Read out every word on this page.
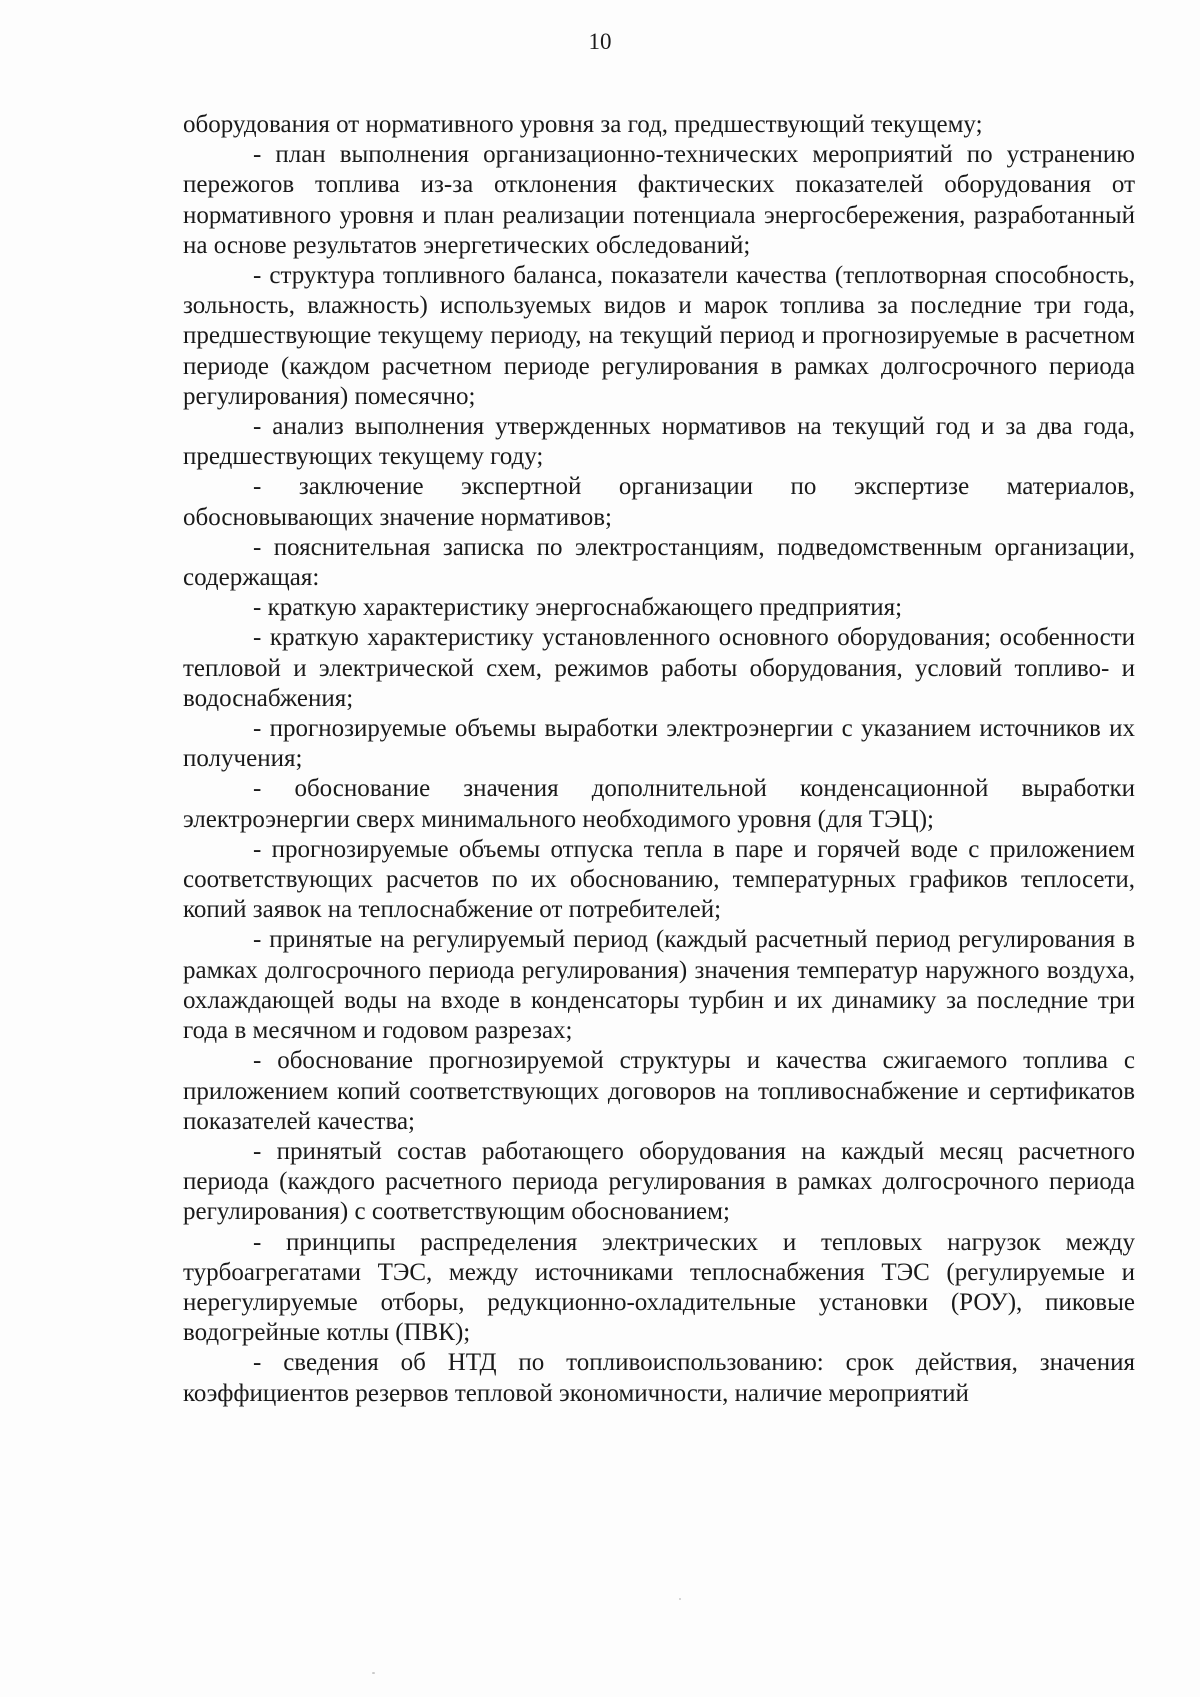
10

оборудования от нормативного уровня за год, предшествующий текущему;

- план выполнения организационно-технических мероприятий по устранению пережогов топлива из-за отклонения фактических показателей оборудования от нормативного уровня и план реализации потенциала энергосбережения, разработанный на основе результатов энергетических обследований;

- структура топливного баланса, показатели качества (теплотворная способность, зольность, влажность) используемых видов и марок топлива за последние три года, предшествующие текущему периоду, на текущий период и прогнозируемые в расчетном периоде (каждом расчетном периоде регулирования в рамках долгосрочного периода регулирования) помесячно;

- анализ выполнения утвержденных нормативов на текущий год и за два года, предшествующих текущему году;

- заключение экспертной организации по экспертизе материалов, обосновывающих значение нормативов;

- пояснительная записка по электростанциям, подведомственным организации, содержащая:

- краткую характеристику энергоснабжающего предприятия;

- краткую характеристику установленного основного оборудования; особенности тепловой и электрической схем, режимов работы оборудования, условий топливо- и водоснабжения;

- прогнозируемые объемы выработки электроэнергии с указанием источников их получения;

- обоснование значения дополнительной конденсационной выработки электроэнергии сверх минимального необходимого уровня (для ТЭЦ);

- прогнозируемые объемы отпуска тепла в паре и горячей воде с приложением соответствующих расчетов по их обоснованию, температурных графиков теплосети, копий заявок на теплоснабжение от потребителей;

- принятые на регулируемый период (каждый расчетный период регулирования в рамках долгосрочного периода регулирования) значения температур наружного воздуха, охлаждающей воды на входе в конденсаторы турбин и их динамику за последние три года в месячном и годовом разрезах;

- обоснование прогнозируемой структуры и качества сжигаемого топлива с приложением копий соответствующих договоров на топливоснабжение и сертификатов показателей качества;

- принятый состав работающего оборудования на каждый месяц расчетного периода (каждого расчетного периода регулирования в рамках долгосрочного периода регулирования) с соответствующим обоснованием;

- принципы распределения электрических и тепловых нагрузок между турбоагрегатами ТЭС, между источниками теплоснабжения ТЭС (регулируемые и нерегулируемые отборы, редукционно-охладительные установки (РОУ), пиковые водогрейные котлы (ПВК);

- сведения об НТД по топливоиспользованию: срок действия, значения коэффициентов резервов тепловой экономичности, наличие мероприятий
